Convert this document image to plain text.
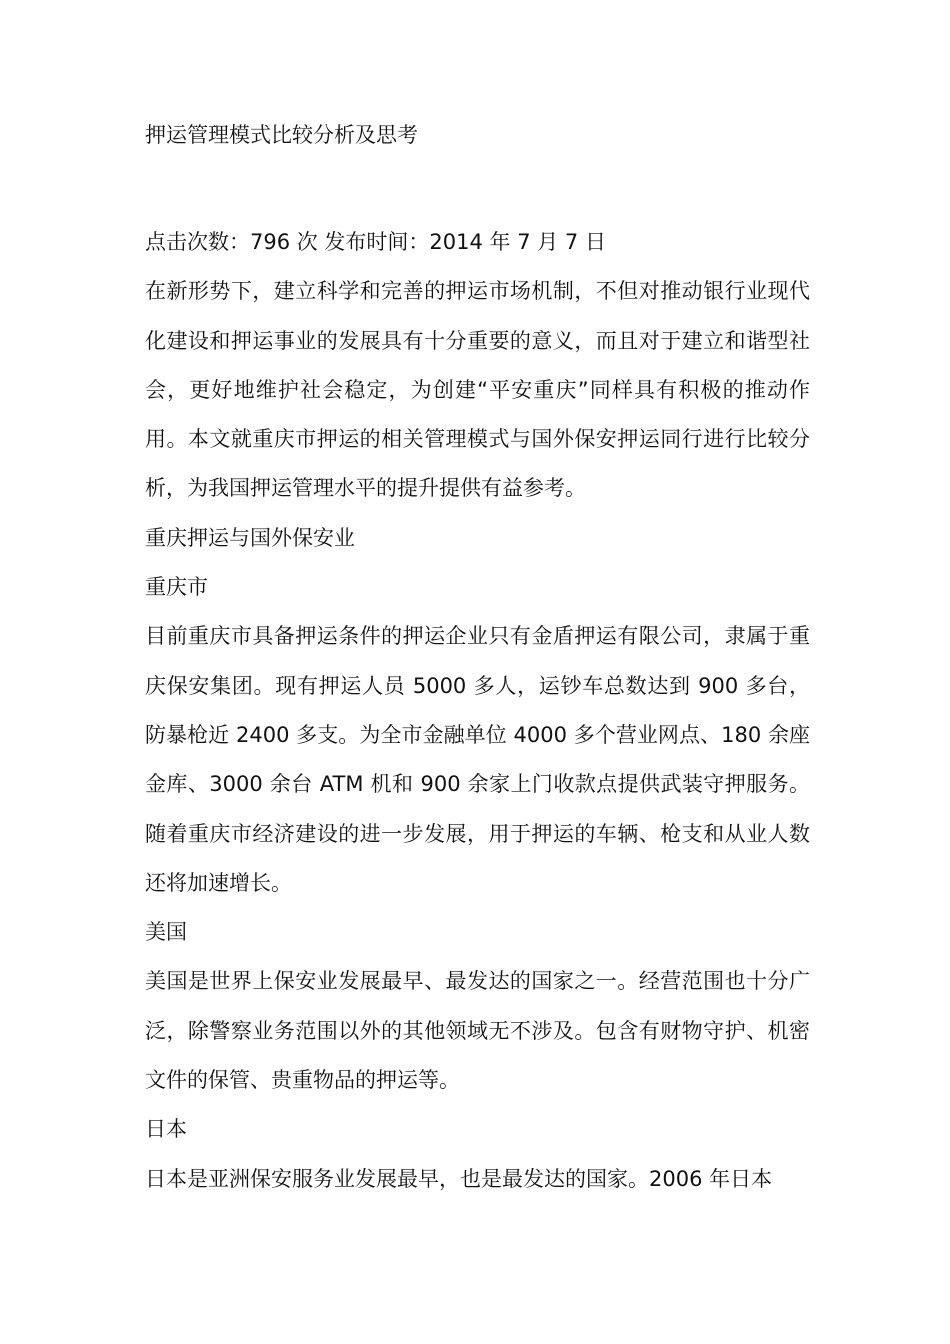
押运管理模式比较分析及思考

点击次数：796 次 发布时间：2014 年 7 月 7 日

在新形势下，建立科学和完善的押运市场机制，不但对推动银行业现代化建设和押运事业的发展具有十分重要的意义，而且对于建立和谐型社会，更好地维护社会稳定，为创建“平安重庆”同样具有积极的推动作用。本文就重庆市押运的相关管理模式与国外保安押运同行进行比较分析，为我国押运管理水平的提升提供有益参考。

重庆押运与国外保安业

重庆市

目前重庆市具备押运条件的押运企业只有金盾押运有限公司，隶属于重庆保安集团。现有押运人员 5000 多人，运钞车总数达到 900 多台，防暴枪近 2400 多支。为全市金融单位 4000 多个营业网点、180 余座金库、3000 余台 ATM 机和 900 余家上门收款点提供武装守押服务。随着重庆市经济建设的进一步发展，用于押运的车辆、枪支和从业人数还将加速增长。

美国

美国是世界上保安业发展最早、最发达的国家之一。经营范围也十分广泛，除警察业务范围以外的其他领域无不涉及。包含有财物守护、机密文件的保管、贵重物品的押运等。

日本

日本是亚洲保安服务业发展最早，也是最发达的国家。2006 年日本
